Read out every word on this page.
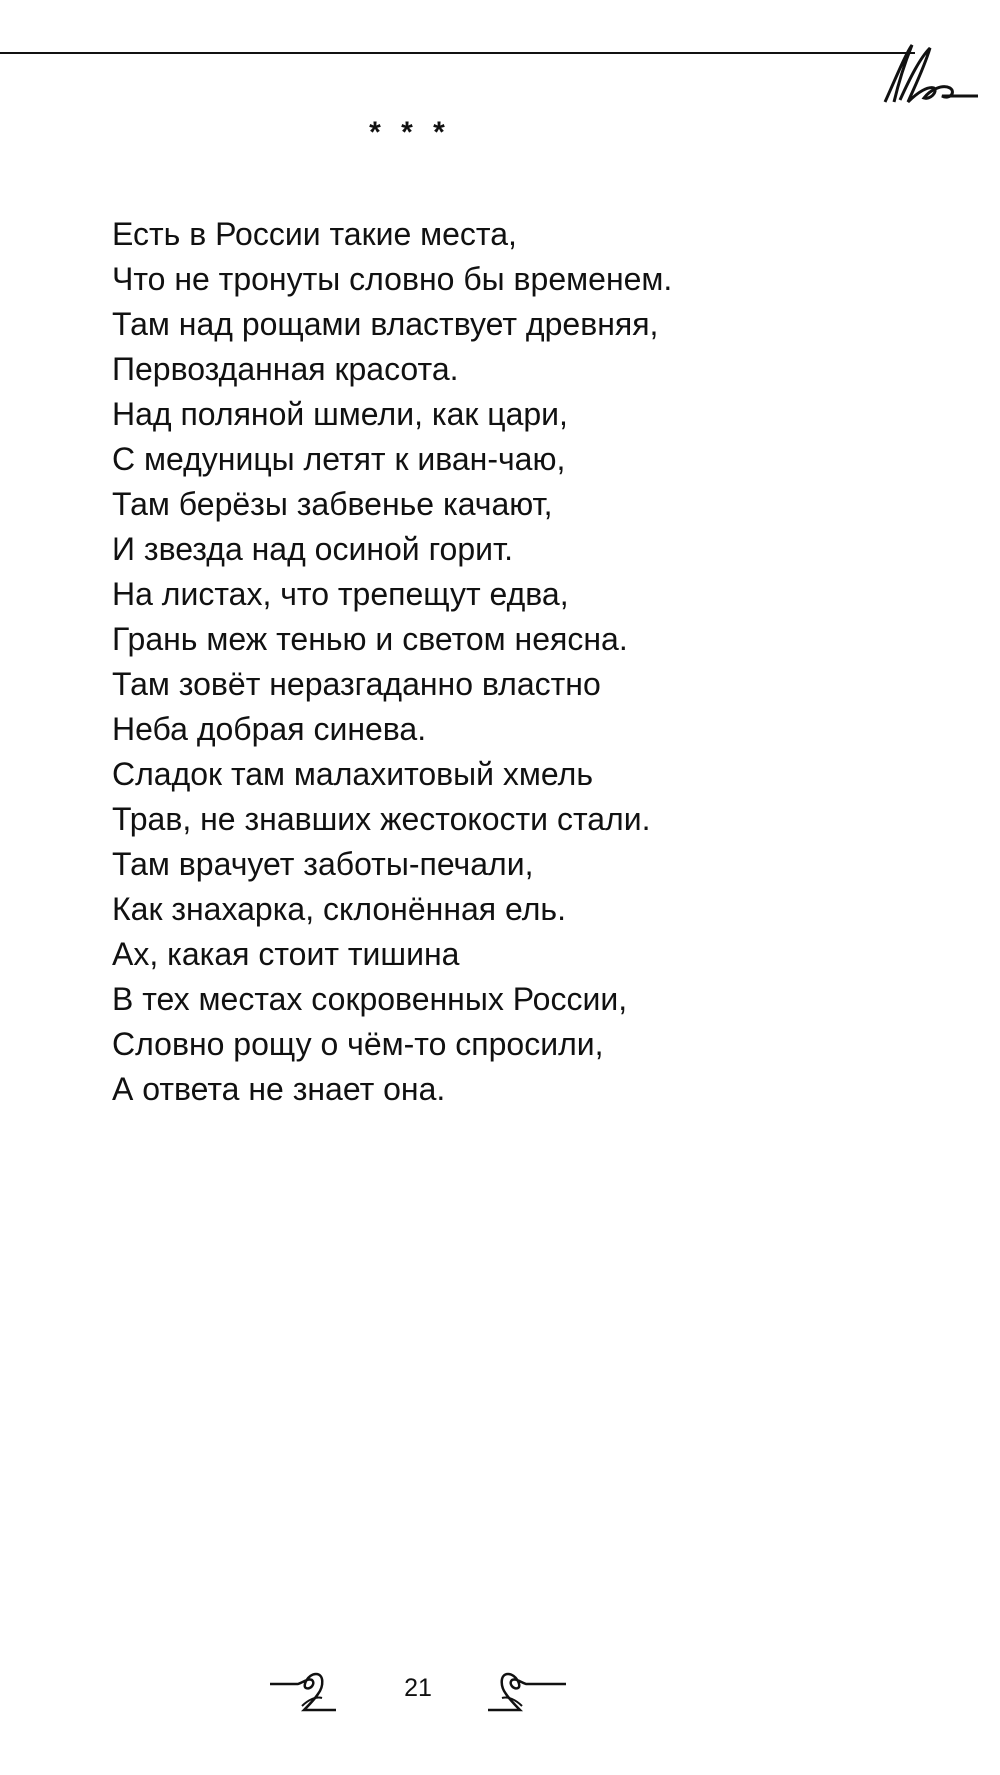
* * *
Есть в России такие места,
Что не тронуты словно бы временем.
Там над рощами властвует древняя,
Первозданная красота.
Над поляной шмели, как цари,
С медуницы летят к иван-чаю,
Там берёзы забвенье качают,
И звезда над осиной горит.
На листах, что трепещут едва,
Грань меж тенью и светом неясна.
Там зовёт неразгаданно властно
Неба добрая синева.
Сладок там малахитовый хмель
Трав, не знавших жестокости стали.
Там врачует заботы-печали,
Как знахарка, склонённая ель.
Ах, какая стоит тишина
В тех местах сокровенных России,
Словно рощу о чём-то спросили,
А ответа не знает она.
21
